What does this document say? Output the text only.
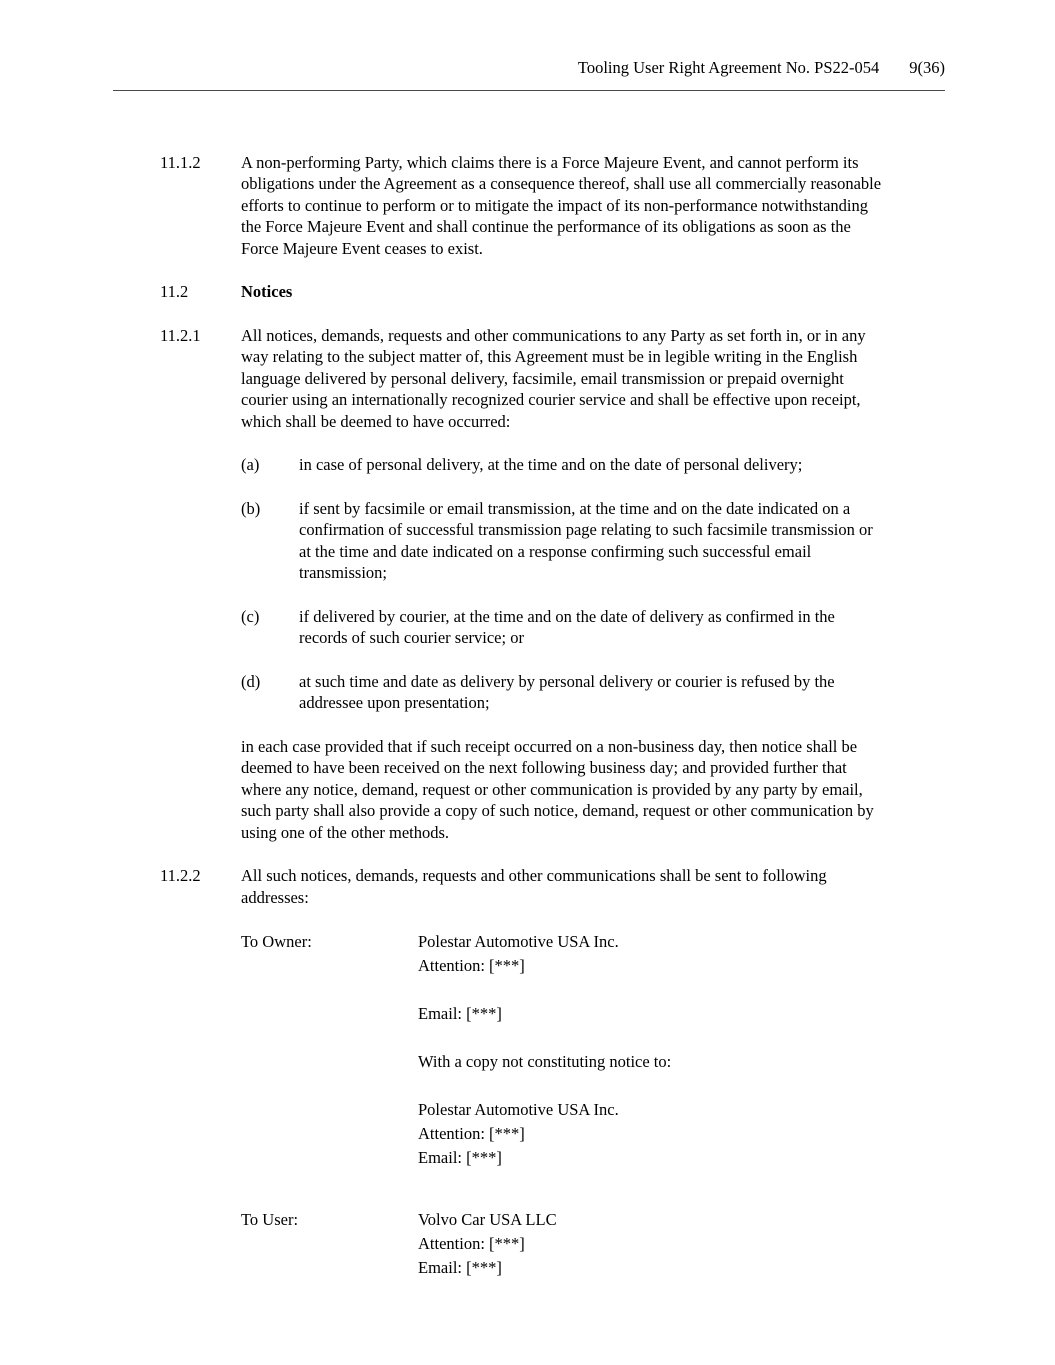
Tooling User Right Agreement No. PS22-054 9(36)
11.1.2	A non-performing Party, which claims there is a Force Majeure Event, and cannot perform its obligations under the Agreement as a consequence thereof, shall use all commercially reasonable efforts to continue to perform or to mitigate the impact of its non-performance notwithstanding the Force Majeure Event and shall continue the performance of its obligations as soon as the Force Majeure Event ceases to exist.
11.2	Notices
11.2.1	All notices, demands, requests and other communications to any Party as set forth in, or in any way relating to the subject matter of, this Agreement must be in legible writing in the English language delivered by personal delivery, facsimile, email transmission or prepaid overnight courier using an internationally recognized courier service and shall be effective upon receipt, which shall be deemed to have occurred:
(a)	in case of personal delivery, at the time and on the date of personal delivery;
(b)	if sent by facsimile or email transmission, at the time and on the date indicated on a confirmation of successful transmission page relating to such facsimile transmission or at the time and date indicated on a response confirming such successful email transmission;
(c)	if delivered by courier, at the time and on the date of delivery as confirmed in the records of such courier service; or
(d)	at such time and date as delivery by personal delivery or courier is refused by the addressee upon presentation;
in each case provided that if such receipt occurred on a non-business day, then notice shall be deemed to have been received on the next following business day; and provided further that where any notice, demand, request or other communication is provided by any party by email, such party shall also provide a copy of such notice, demand, request or other communication by using one of the other methods.
11.2.2	All such notices, demands, requests and other communications shall be sent to following addresses:
To Owner:	Polestar Automotive USA Inc.
Attention: [***]
Email: [***]
With a copy not constituting notice to:
Polestar Automotive USA Inc.
Attention: [***]
Email: [***]
To User:	Volvo Car USA LLC
Attention: [***]
Email: [***]
